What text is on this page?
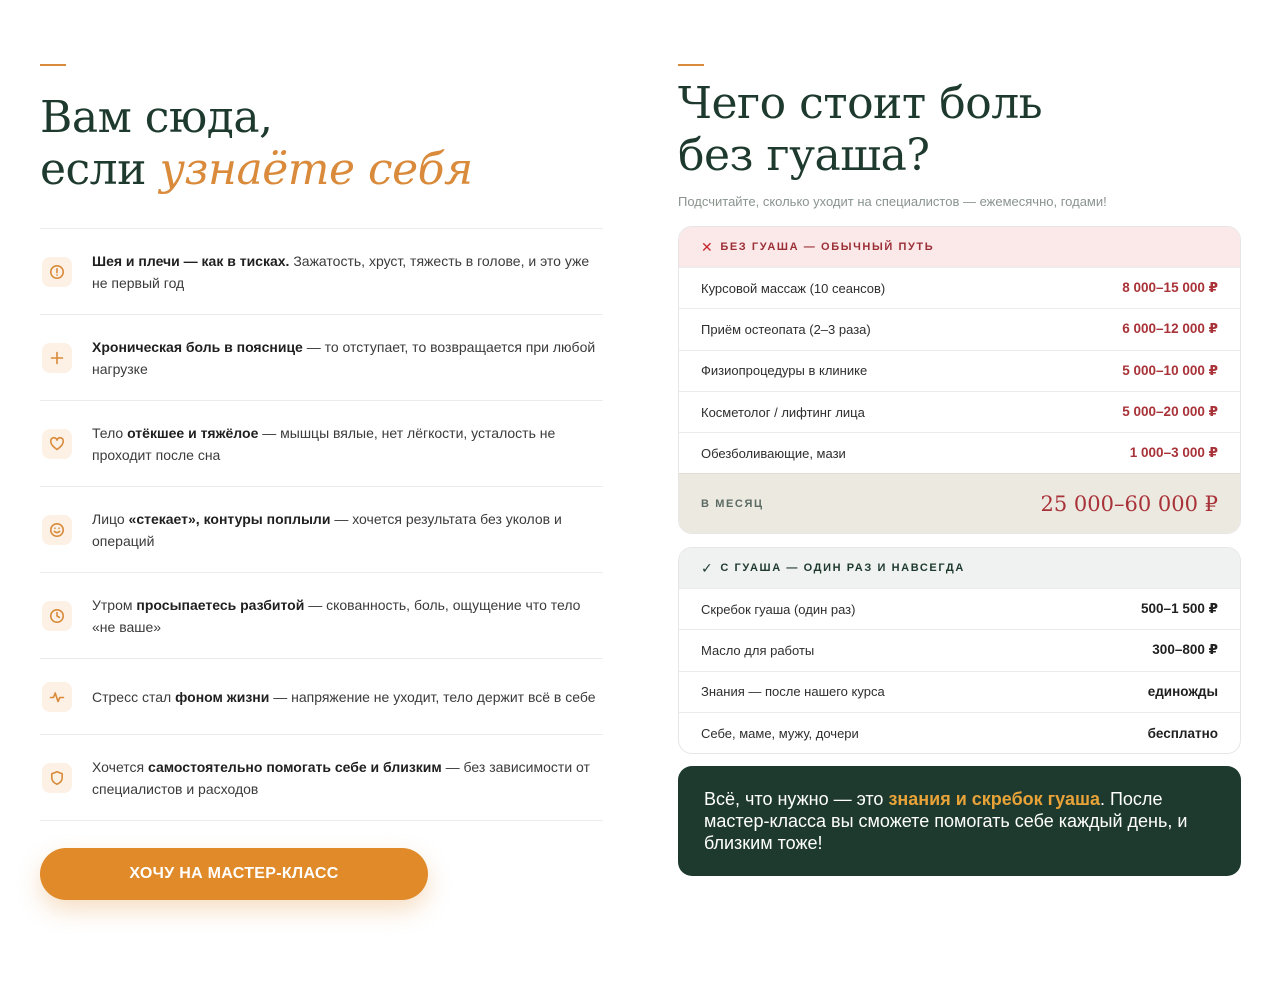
Вам сюда,
если узнаёте себя
Шея и плечи — как в тисках. Зажатость, хруст, тяжесть в голове, и это уже не первый год
Хроническая боль в пояснице — то отступает, то возвращается при любой нагрузке
Тело отёкшее и тяжёлое — мышцы вялые, нет лёгкости, усталость не проходит после сна
Лицо «стекает», контуры поплыли — хочется результата без уколов и операций
Утром просыпаетесь разбитой — скованность, боль, ощущение что тело «не ваше»
Стресс стал фоном жизни — напряжение не уходит, тело держит всё в себе
Хочется самостоятельно помогать себе и близким — без зависимости от специалистов и расходов
ХОЧУ НА МАСТЕР-КЛАСС
Чего стоит боль
без гуаша?
Подсчитайте, сколько уходит на специалистов — ежемесячно, годами!
✕ БЕЗ ГУАША — ОБЫЧНЫЙ ПУТЬ
Курсовой массаж (10 сеансов)	8 000–15 000 ₽
Приём остеопата (2–3 раза)	6 000–12 000 ₽
Физиопроцедуры в клинике	5 000–10 000 ₽
Косметолог / лифтинг лица	5 000–20 000 ₽
Обезболивающие, мази	1 000–3 000 ₽
В МЕСЯЦ	25 000–60 000 ₽
✓ С ГУАША — ОДИН РАЗ И НАВСЕГДА
Скребок гуаша (один раз)	500–1 500 ₽
Масло для работы	300–800 ₽
Знания — после нашего курса	единожды
Себе, маме, мужу, дочери	бесплатно
Всё, что нужно — это знания и скребок гуаша. После мастер-класса вы сможете помогать себе каждый день, и близким тоже!
